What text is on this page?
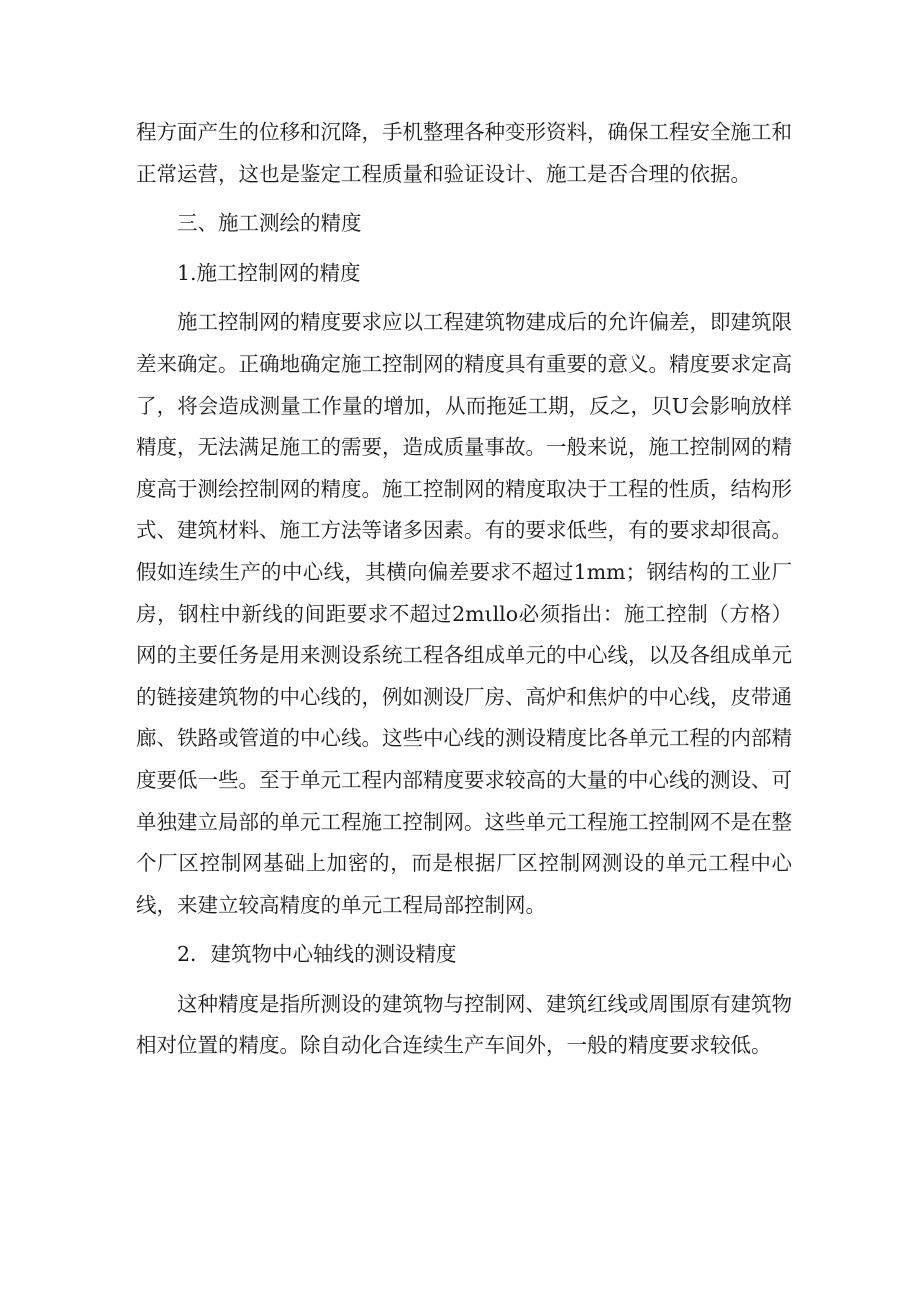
程方面产生的位移和沉降，手机整理各种变形资料，确保工程安全施工和正常运营，这也是鉴定工程质量和验证设计、施工是否合理的依据。

三、施工测绘的精度

1.施工控制网的精度

施工控制网的精度要求应以工程建筑物建成后的允许偏差，即建筑限差来确定。正确地确定施工控制网的精度具有重要的意义。精度要求定高了，将会造成测量工作量的增加，从而拖延工期，反之，贝U会影响放样精度，无法满足施工的需要，造成质量事故。一般来说，施工控制网的精度高于测绘控制网的精度。施工控制网的精度取决于工程的性质，结构形式、建筑材料、施工方法等诸多因素。有的要求低些，有的要求却很高。假如连续生产的中心线，其横向偏差要求不超过1mm；钢结构的工业厂房，钢柱中新线的间距要求不超过2mιllo必须指出：施工控制（方格）网的主要任务是用来测设系统工程各组成单元的中心线，以及各组成单元的链接建筑物的中心线的，例如测设厂房、高炉和焦炉的中心线，皮带通廊、铁路或管道的中心线。这些中心线的测设精度比各单元工程的内部精度要低一些。至于单元工程内部精度要求较高的大量的中心线的测设、可单独建立局部的单元工程施工控制网。这些单元工程施工控制网不是在整个厂区控制网基础上加密的，而是根据厂区控制网测设的单元工程中心线，来建立较高精度的单元工程局部控制网。

2．建筑物中心轴线的测设精度

这种精度是指所测设的建筑物与控制网、建筑红线或周围原有建筑物相对位置的精度。除自动化合连续生产车间外，一般的精度要求较低。
